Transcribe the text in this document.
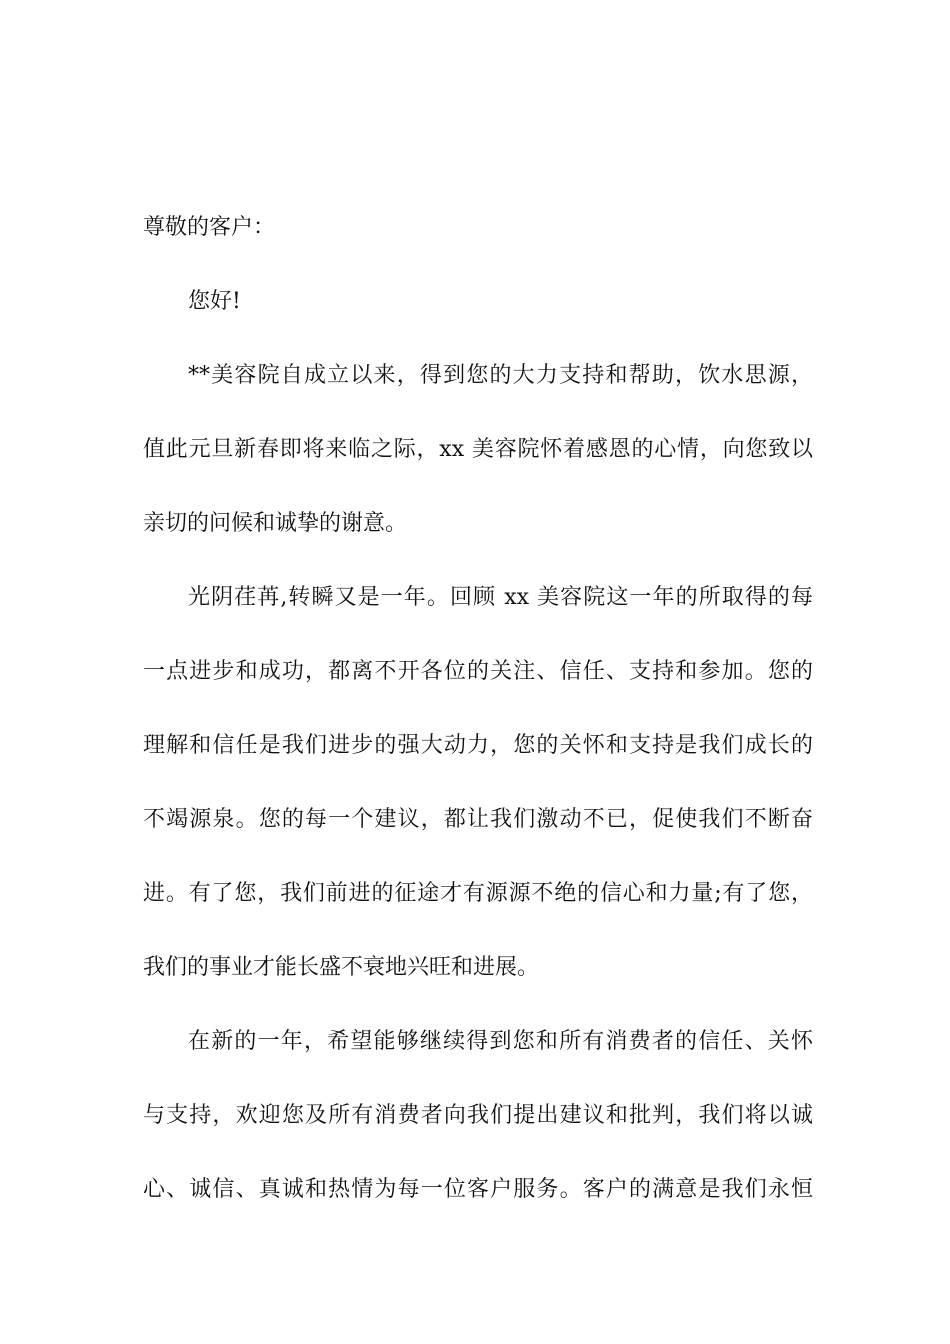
尊敬的客户：
您好!
**美容院自成立以来，得到您的大力支持和帮助，饮水思源，
值此元旦新春即将来临之际，xx 美容院怀着感恩的心情，向您致以
亲切的问候和诚挚的谢意。
光阴荏苒,转瞬又是一年。回顾 xx 美容院这一年的所取得的每
一点进步和成功，都离不开各位的关注、信任、支持和参加。您的
理解和信任是我们进步的强大动力，您的关怀和支持是我们成长的
不竭源泉。您的每一个建议，都让我们激动不已，促使我们不断奋
进。有了您，我们前进的征途才有源源不绝的信心和力量;有了您，
我们的事业才能长盛不衰地兴旺和进展。
在新的一年，希望能够继续得到您和所有消费者的信任、关怀
与支持，欢迎您及所有消费者向我们提出建议和批判，我们将以诚
心、诚信、真诚和热情为每一位客户服务。客户的满意是我们永恒
